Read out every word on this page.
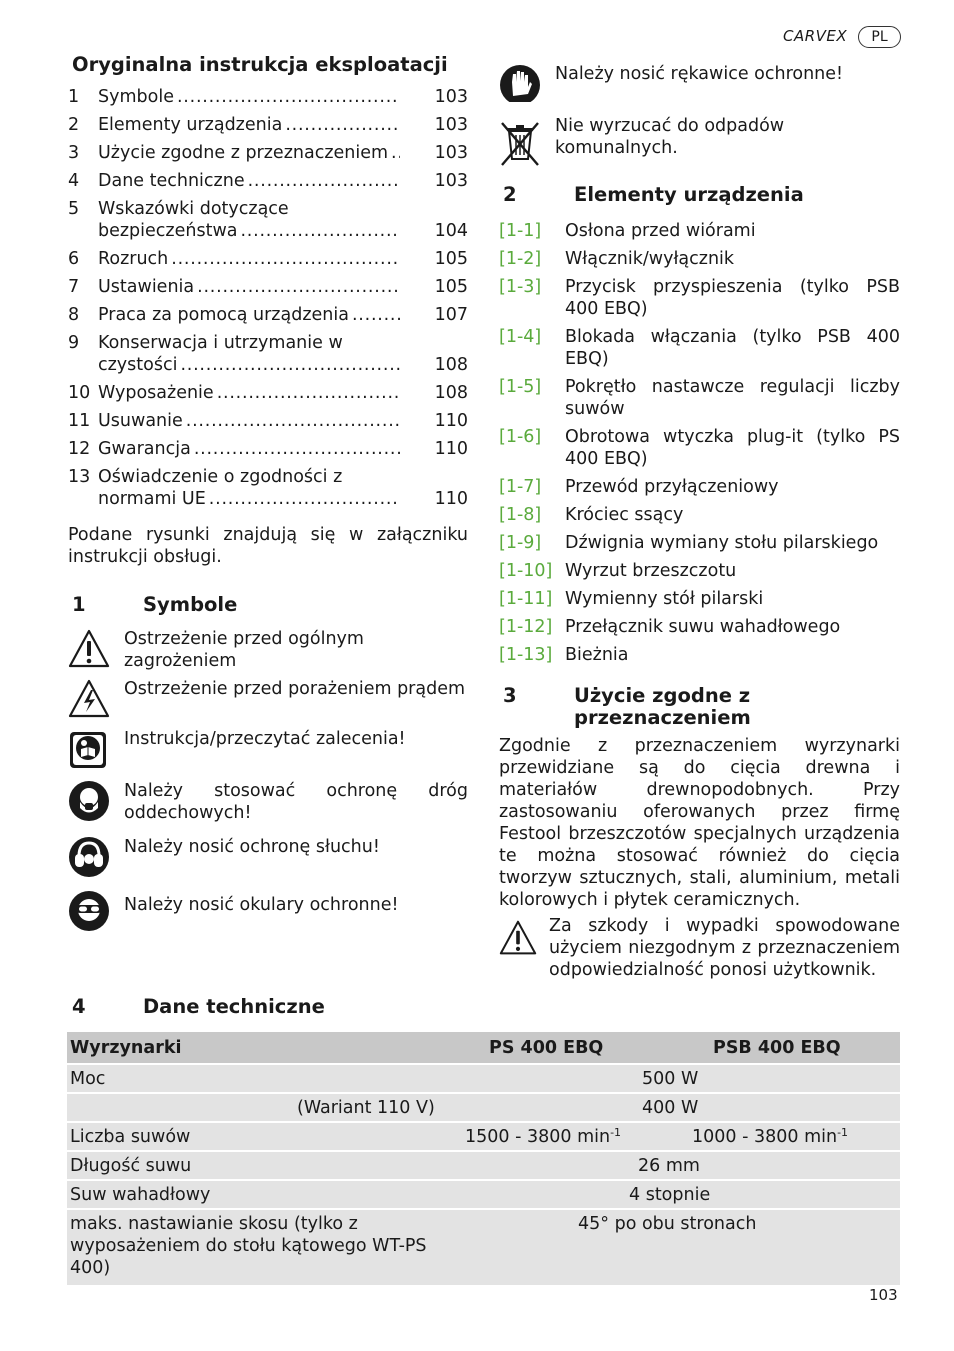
CARVEX	PL
Oryginalna instrukcja eksploatacji
1	Symbole . . .	103
2	Elementy urządzenia . . .	103
3	Użycie zgodne z przeznaczeniem . . .	103
4	Dane techniczne . . .	103
5	Wskazówki dotyczące
bezpieczeństwa . . .	104
6	Rozruch . . .	105
7	Ustawienia . . .	105
8	Praca za pomocą urządzenia . . .	107
9	Konserwacja i utrzymanie w
czystości . . .	108
10 Wyposażenie . . .	108
11 Usuwanie . . .	110
12 Gwarancja . . .	110
13 Oświadczenie o zgodności z
normami UE . . .	110

Podane rysunki znajdują się w załączniku instrukcji obsługi.

1	Symbole
Ostrzeżenie przed ogólnym zagrożeniem
Ostrzeżenie przed porażeniem prądem
Instrukcja/przeczytać zalecenia!
Należy stosować ochronę dróg oddechowych!
Należy nosić ochronę słuchu!
Należy nosić okulary ochronne!
Należy nosić rękawice ochronne!
Nie wyrzucać do odpadów komunalnych.
2	Elementy urządzenia
[1-1]	Osłona przed wiórami
[1-2]	Włącznik/wyłącznik
[1-3]	Przycisk przyspieszenia (tylko PSB 400 EBQ)
[1-4]	Blokada włączania (tylko PSB 400 EBQ)
[1-5]	Pokrętło nastawcze regulacji liczby suwów
[1-6]	Obrotowa wtyczka plug-it (tylko PS 400 EBQ)
[1-7]	Przewód przyłączeniowy
[1-8]	Króciec ssący
[1-9]	Dźwignia wymiany stołu pilarskiego
[1-10] Wyrzut brzeszczotu
[1-11] Wymienny stół pilarski
[1-12] Przełącznik suwu wahadłowego
[1-13] Bieżnia
3	Użycie zgodne z
przeznaczeniem

Zgodnie z przeznaczeniem wyrzynarki przewidziane są do cięcia drewna i materiałów drewnopodobnych. Przy zastosowaniu oferowanych przez firmę Festool brzeszczotów specjalnych urządzenia te można stosować również do cięcia tworzyw sztucznych, stali, aluminium, metali kolorowych i płytek ceramicznych.

Za szkody i wypadki spowodowane użyciem niezgodnym z przeznaczeniem odpowiedzialność ponosi użytkownik.
4	Dane techniczne
Wyrzynarki	PS 400 EBQ	PSB 400 EBQ
Moc	500 W	
(Wariant 110 V)	400 W	
Liczba suwów	1500 - 3800 $\min^{-1}$	1000 - 3800 $\min^{-1}$
Długość suwu	26 mm	
Suw wahadłowy	4 stopnie	
maks. nastawianie skosu (tylko z wyposażeniem do stołu kątowego WT-PS 400)	45° po obu stronach	
103
